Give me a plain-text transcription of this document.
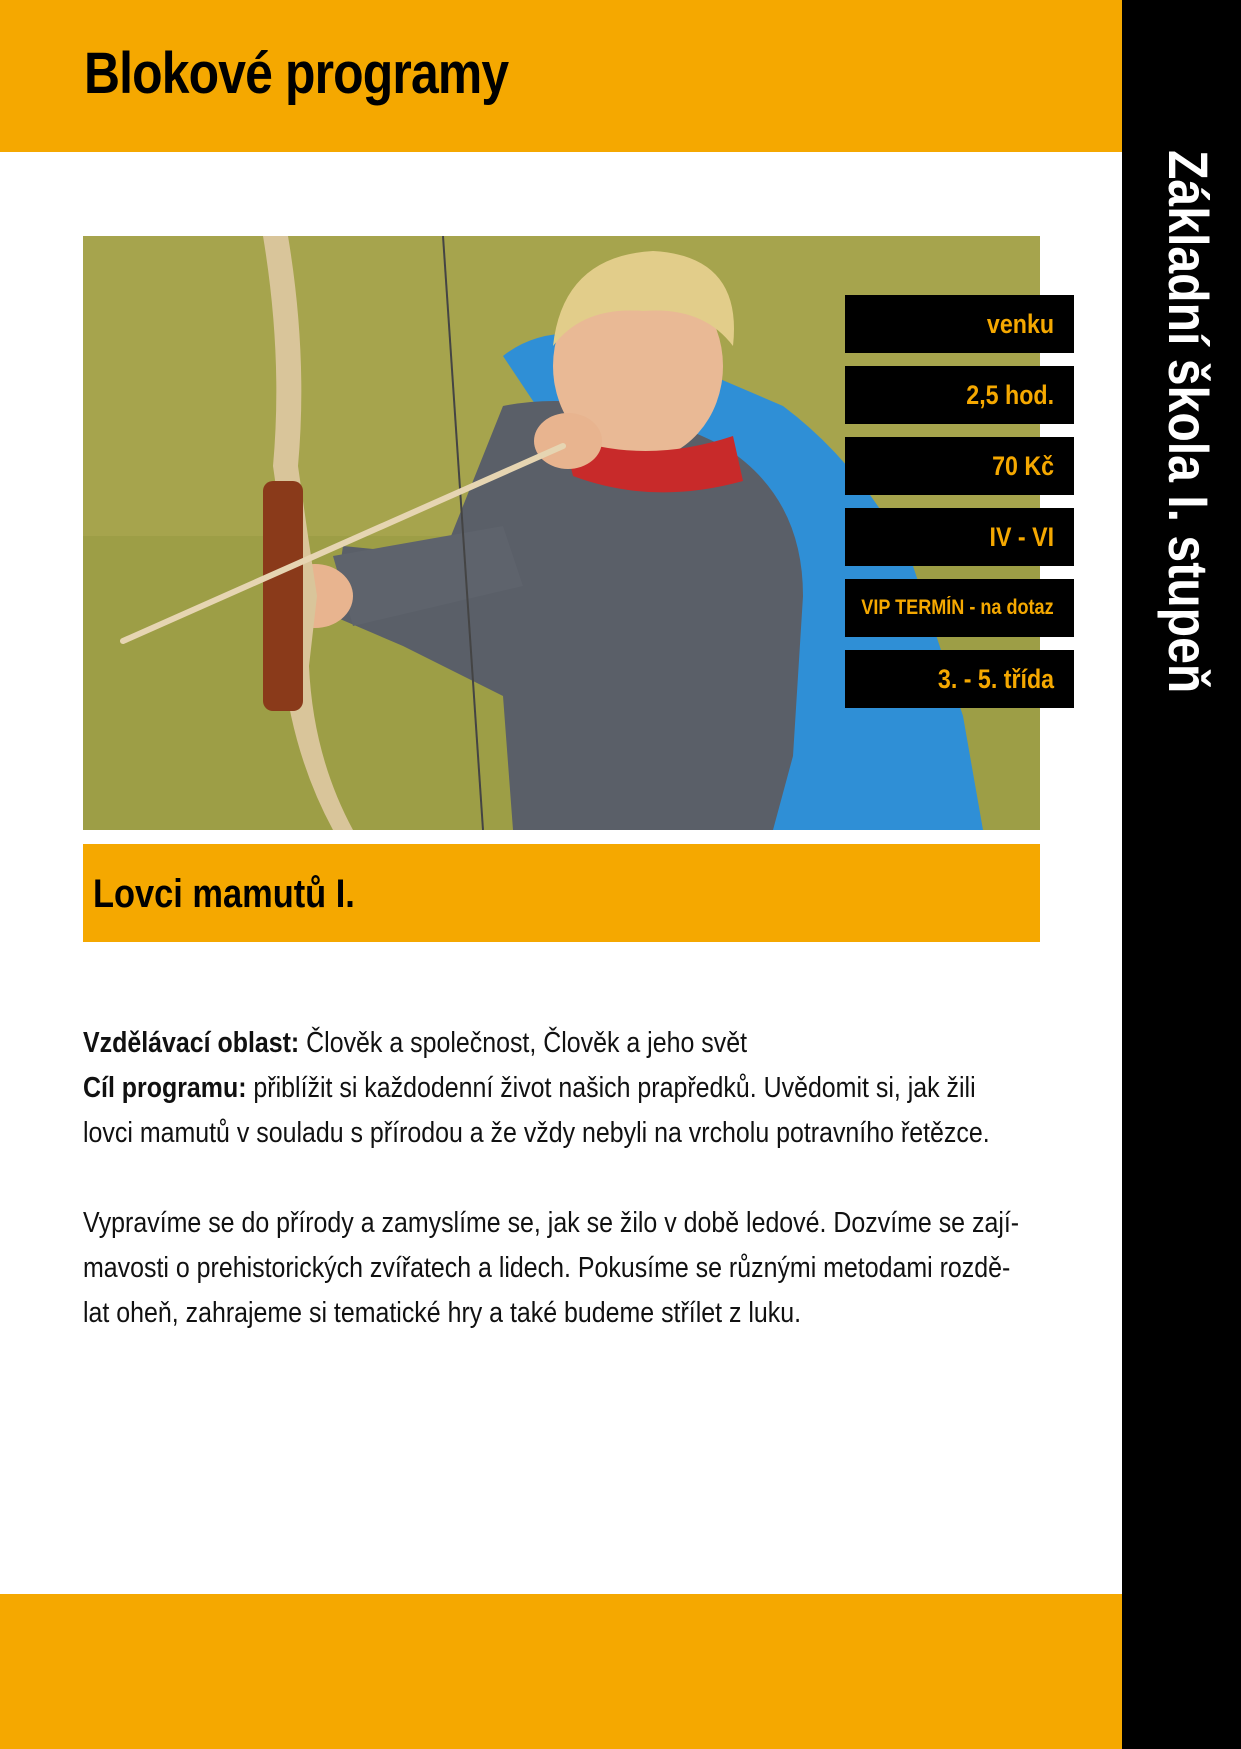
Blokové programy
Základní škola I. stupeň
venku
2,5 hod.
70 Kč
IV - VI
VIP TERMÍN - na dotaz
3. - 5. třída
Lovci mamutů I.

Vzdělávací oblast: Člověk a společnost, Člověk a jeho svět

Cíl programu: přiblížit si každodenní život našich prapředků. Uvědomit si, jak žili

lovci mamutů v souladu s přírodou a že vždy nebyli na vrcholu potravního řetězce.

Vypravíme se do přírody a zamyslíme se, jak se žilo v době ledové. Dozvíme se zají-

mavosti o prehistorických zvířatech a lidech. Pokusíme se různými metodami rozdě-

lat oheň, zahrajeme si tematické hry a také budeme střílet z luku.
